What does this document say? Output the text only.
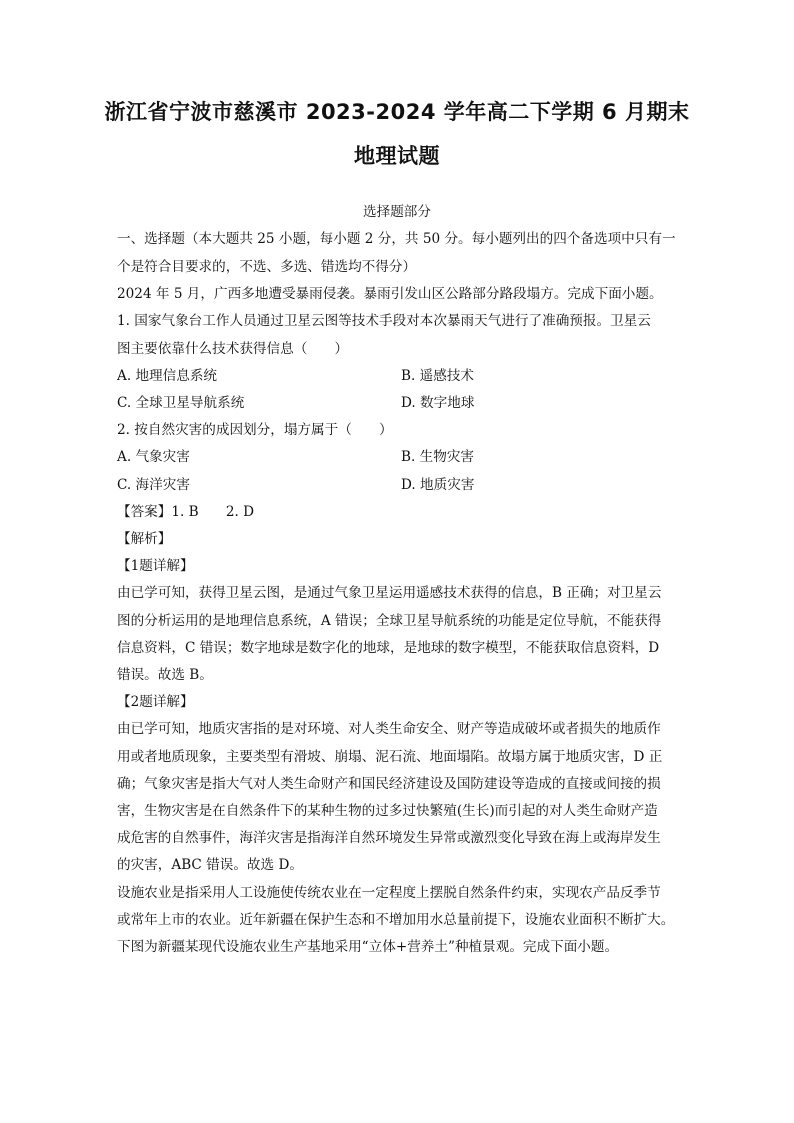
浙江省宁波市慈溪市 2023-2024 学年高二下学期 6 月期末
地理试题
选择题部分
一、选择题（本大题共 25 小题，每小题 2 分，共 50 分。每小题列出的四个备选项中只有一
个是符合目要求的，不选、多选、错选均不得分）
2024 年 5 月，广西多地遭受暴雨侵袭。暴雨引发山区公路部分路段塌方。完成下面小题。
1. 国家气象台工作人员通过卫星云图等技术手段对本次暴雨天气进行了准确预报。卫星云
图主要依靠什么技术获得信息（　　）
A. 地理信息系统	B. 遥感技术
C. 全球卫星导航系统	D. 数字地球
2. 按自然灾害的成因划分，塌方属于（　　）
A. 气象灾害	B. 生物灾害
C. 海洋灾害	D. 地质灾害
【答案】1. B　　2. D
【解析】
【1题详解】
由已学可知，获得卫星云图，是通过气象卫星运用遥感技术获得的信息，B 正确；对卫星云
图的分析运用的是地理信息系统，A 错误；全球卫星导航系统的功能是定位导航，不能获得
信息资料，C 错误；数字地球是数字化的地球，是地球的数字模型，不能获取信息资料，D
错误。故选 B。
【2题详解】
由已学可知，地质灾害指的是对环境、对人类生命安全、财产等造成破坏或者损失的地质作
用或者地质现象，主要类型有滑坡、崩塌、泥石流、地面塌陷。故塌方属于地质灾害，D 正
确；气象灾害是指大气对人类生命财产和国民经济建设及国防建设等造成的直接或间接的损
害，生物灾害是在自然条件下的某种生物的过多过快繁殖(生长)而引起的对人类生命财产造
成危害的自然事件，海洋灾害是指海洋自然环境发生异常或激烈变化导致在海上或海岸发生
的灾害，ABC 错误。故选 D。
设施农业是指采用人工设施使传统农业在一定程度上摆脱自然条件约束，实现农产品反季节
或常年上市的农业。近年新疆在保护生态和不增加用水总量前提下，设施农业面积不断扩大。
下图为新疆某现代设施农业生产基地采用“立体+营养土”种植景观。完成下面小题。
